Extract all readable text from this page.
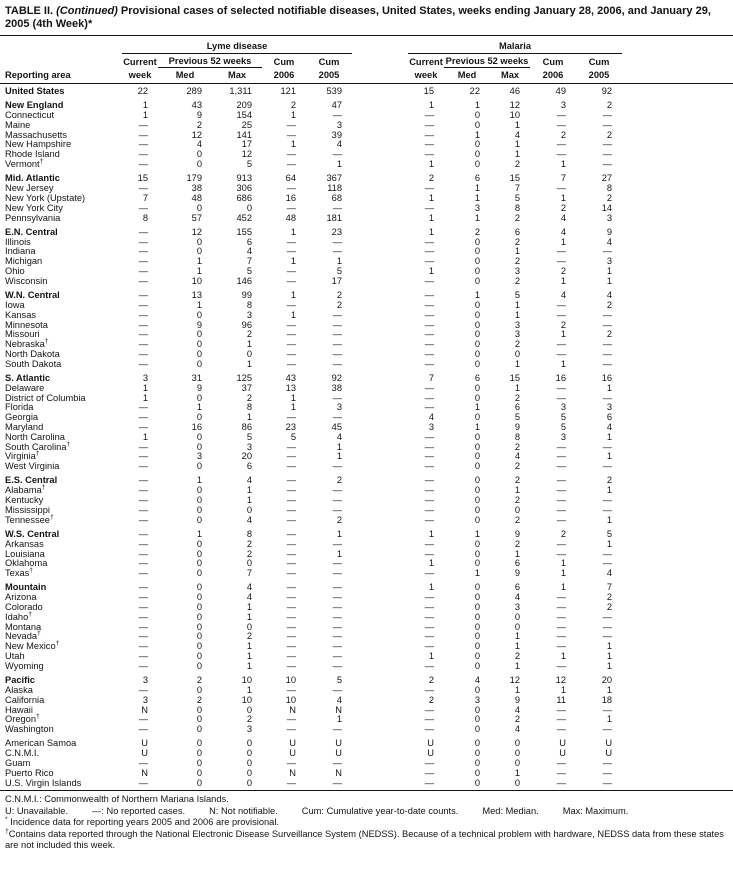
TABLE II. (Continued) Provisional cases of selected notifiable diseases, United States, weeks ending January 28, 2006, and January 29, 2005 (4th Week)*
	Lyme disease						Malaria					
	Current	Previous 52 weeks		Cum	Cum		Current	Previous 52 weeks		Cum	Cum	
Reporting area	week	Med	Max	2006	2005		week	Med	Max	2006	2005	
United States	22	289	1,311	121	539		15	22	46	49	92	
New England	1	43	209	2	47		1	1	12	3	2	
Connecticut	1	9	154	1	—		—	0	10	—	—	
Maine	—	2	25	—	3		—	0	1	—	—	
Massachusetts	—	12	141	—	39		—	1	4	2	2	
New Hampshire	—	4	17	1	4		—	0	1	—	—	
Rhode Island	—	0	12	—	—		—	0	1	—	—	
Vermont†	—	0	5	—	1		1	0	2	1	—	
Mid. Atlantic	15	179	913	64	367		2	6	15	7	27	
New Jersey	—	38	306	—	118		—	1	7	—	8	
New York (Upstate)	7	48	686	16	68		1	1	5	1	2	
New York City	—	0	0	—	—		—	3	8	2	14	
Pennsylvania	8	57	452	48	181		1	1	2	4	3	
E.N. Central	—	12	155	1	23		1	2	6	4	9	
Illinois	—	0	6	—	—		—	0	2	1	4	
Indiana	—	0	4	—	—		—	0	1	—	—	
Michigan	—	1	7	1	1		—	0	2	—	3	
Ohio	—	1	5	—	5		1	0	3	2	1	
Wisconsin	—	10	146	—	17		—	0	2	1	1	
W.N. Central	—	13	99	1	2		—	1	5	4	4	
Iowa	—	1	8	—	2		—	0	1	—	2	
Kansas	—	0	3	1	—		—	0	1	—	—	
Minnesota	—	9	96	—	—		—	0	3	2	—	
Missouri	—	0	2	—	—		—	0	3	1	2	
Nebraska†	—	0	1	—	—		—	0	2	—	—	
North Dakota	—	0	0	—	—		—	0	0	—	—	
South Dakota	—	0	1	—	—		—	0	1	1	—	
S. Atlantic	3	31	125	43	92		7	6	15	16	16	
Delaware	1	9	37	13	38		—	0	1	—	1	
District of Columbia	1	0	2	1	—		—	0	2	—	—	
Florida	—	1	8	1	3		—	1	6	3	3	
Georgia	—	0	1	—	—		4	0	5	5	6	
Maryland	—	16	86	23	45		3	1	9	5	4	
North Carolina	1	0	5	5	4		—	0	8	3	1	
South Carolina†	—	0	3	—	1		—	0	2	—	—	
Virginia†	—	3	20	—	1		—	0	4	—	1	
West Virginia	—	0	6	—	—		—	0	2	—	—	
E.S. Central	—	1	4	—	2		—	0	2	—	2	
Alabama†	—	0	1	—	—		—	0	1	—	1	
Kentucky	—	0	1	—	—		—	0	2	—	—	
Mississippi	—	0	0	—	—		—	0	0	—	—	
Tennessee†	—	0	4	—	2		—	0	2	—	1	
W.S. Central	—	1	8	—	1		1	1	9	2	5	
Arkansas	—	0	2	—	—		—	0	2	—	1	
Louisiana	—	0	2	—	1		—	0	1	—	—	
Oklahoma	—	0	0	—	—		1	0	6	1	—	
Texas†	—	0	7	—	—		—	1	9	1	4	
Mountain	—	0	4	—	—		1	0	6	1	7	
Arizona	—	0	4	—	—		—	0	4	—	2	
Colorado	—	0	1	—	—		—	0	3	—	2	
Idaho†	—	0	1	—	—		—	0	0	—	—	
Montana	—	0	0	—	—		—	0	0	—	—	
Nevada†	—	0	2	—	—		—	0	1	—	—	
New Mexico†	—	0	1	—	—		—	0	1	—	1	
Utah	—	0	1	—	—		1	0	2	1	1	
Wyoming	—	0	1	—	—		—	0	1	—	1	
Pacific	3	2	10	10	5		2	4	12	12	20	
Alaska	—	0	1	—	—		—	0	1	1	1	
California	3	2	10	10	4		2	3	9	11	18	
Hawaii	N	0	0	N	N		—	0	4	—	—	
Oregon†	—	0	2	—	1		—	0	2	—	1	
Washington	—	0	3	—	—		—	0	4	—	—	
American Samoa	U	0	0	U	U		U	0	0	U	U	
C.N.M.I.	U	0	0	U	U		U	0	0	U	U	
Guam	—	0	0	—	—		—	0	0	—	—	
Puerto Rico	N	0	0	N	N		—	0	1	—	—	
U.S. Virgin Islands	—	0	0	—	—		—	0	0	—	—	
C.N.M.I.: Commonwealth of Northern Mariana Islands.
U: Unavailable.	—: No reported cases.	N: Not notifiable.	Cum: Cumulative year-to-date counts.	Med: Median.	Max: Maximum.
* Incidence data for reporting years 2005 and 2006 are provisional.
†Contains data reported through the National Electronic Disease Surveillance System (NEDSS). Because of a technical problem with hardware, NEDSS data from these states are not included this week.
